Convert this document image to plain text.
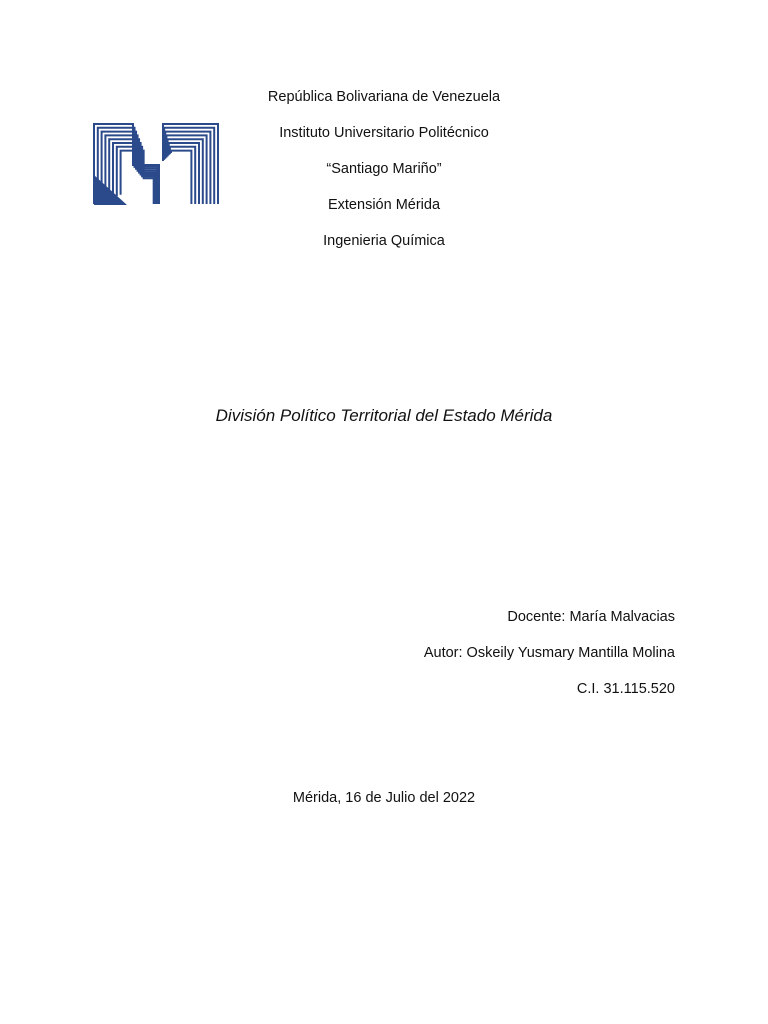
República Bolivariana de Venezuela
Instituto Universitario Politécnico
“Santiago Mariño”
Extensión Mérida
Ingenieria Química
División Político Territorial del Estado Mérida
Docente: María Malvacias
Autor: Oskeily Yusmary Mantilla Molina
C.I. 31.115.520
Mérida, 16 de Julio del 2022
